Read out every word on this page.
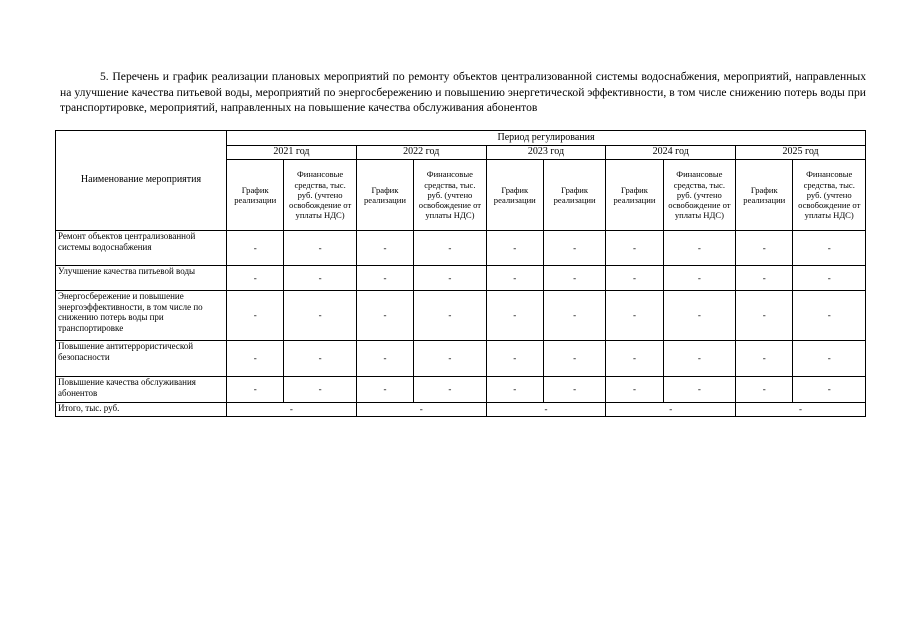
5. Перечень и график реализации плановых мероприятий по ремонту объектов централизованной системы водоснабжения, мероприятий, направленных на улучшение качества питьевой воды, мероприятий по энергосбережению и повышению энергетической эффективности, в том числе снижению потерь воды при транспортировке, мероприятий, направленных на повышение качества обслуживания абонентов
Наименование мероприятия	Период регулирования									
	2021 год		2022 год		2023 год		2024 год		2025 год	
	График реализации	Финансовые средства, тыс. руб. (учтено освобождение от уплаты НДС)	График реализации	Финансовые средства, тыс. руб. (учтено освобождение от уплаты НДС)	График реализации	График реализации	График реализации	Финансовые средства, тыс. руб. (учтено освобождение от уплаты НДС)	График реализации	Финансовые средства, тыс. руб. (учтено освобождение от уплаты НДС)
Ремонт объектов централизованной системы водоснабжения	-	-	-	-	-	-	-	-	-	-
Улучшение качества питьевой воды	-	-	-	-	-	-	-	-	-	-
Энергосбережение и повышение энергоэффективности, в том числе по снижению потерь воды при транспортировке	-	-	-	-	-	-	-	-	-	-
Повышение антитеррористической безопасности	-	-	-	-	-	-	-	-	-	-
Повышение качества обслуживания абонентов	-	-	-	-	-	-	-	-	-	-
Итого, тыс. руб.	-		-		-		-		-	
